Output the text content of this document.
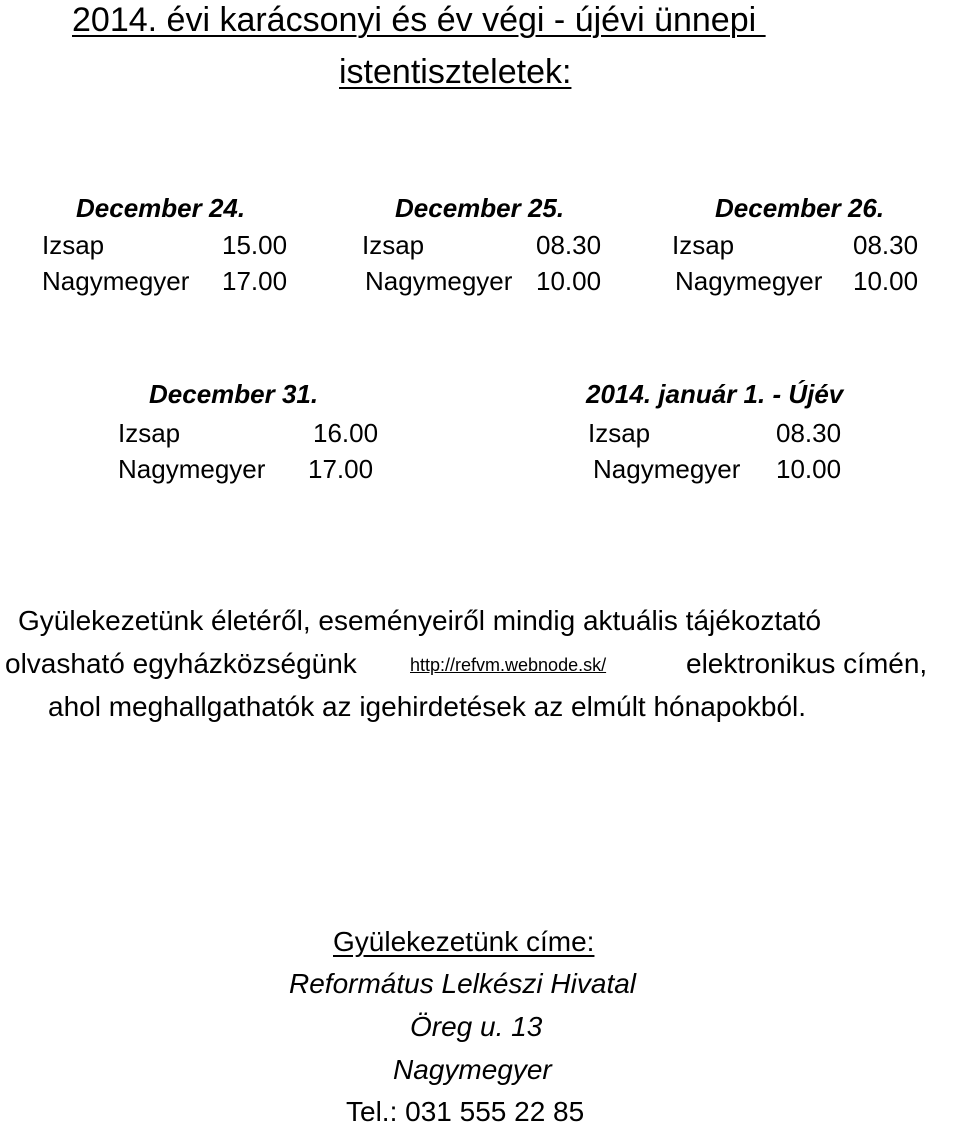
2014. évi karácsonyi és év végi - újévi ünnepi
istentiszteletek:
December 24.
Izsap	15.00
Nagymegyer 17.00
December 25.
Izsap	08.30
Nagymegyer 10.00
December 26.
Izsap	08.30
Nagymegyer 10.00
December 31.
Izsap	16.00
Nagymegyer 17.00
2014. január 1. - Újév
Izsap	08.30
Nagymegyer 10.00
Gyülekezetünk életéről, eseményeiről mindig aktuális tájékoztató
olvasható egyházközségünk	http://refvm.webnode.sk/	elektronikus címén,
ahol meghallgathatók az igehirdetések az elmúlt hónapokból.
Gyülekezetünk címe:
Református Lelkészi Hivatal
Öreg u. 13
Nagymegyer
Tel.: 031 555 22 85
